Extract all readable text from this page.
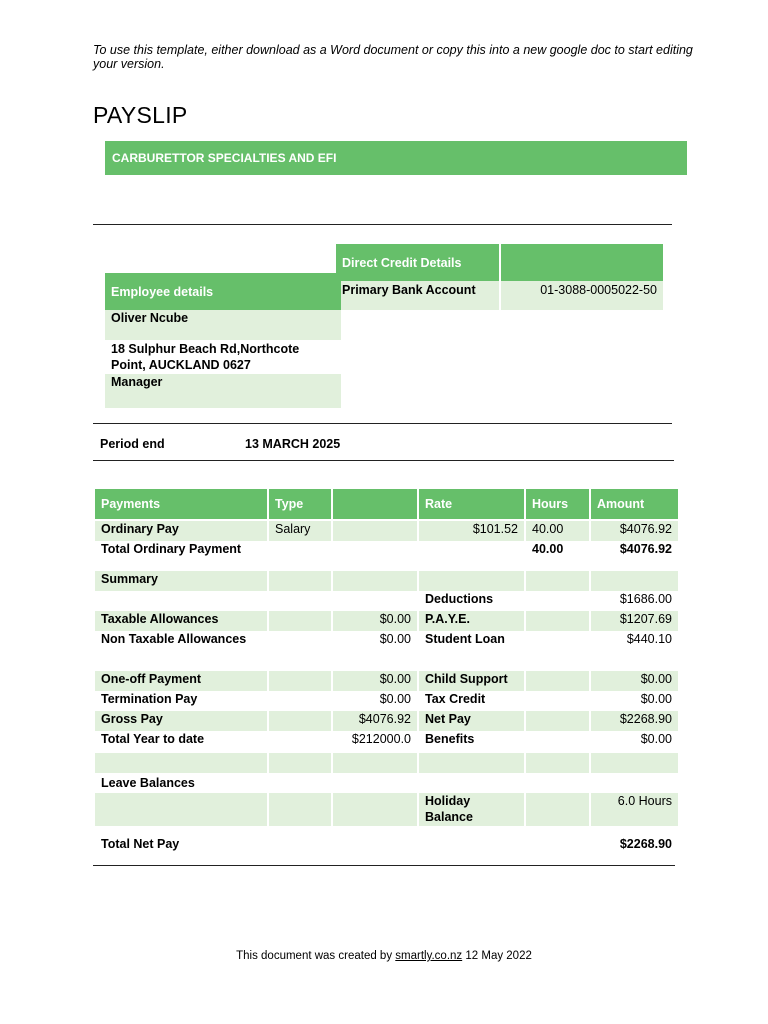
To use this template, either download as a Word document or copy this into a new google doc to start editing your version.
PAYSLIP
CARBURETTOR SPECIALTIES AND EFI
Direct Credit Details
Primary Bank Account	01-3088-0005022-50
Employee details
Oliver Ncube
18 Sulphur Beach Rd,Northcote Point, AUCKLAND 0627
Manager
Period end	13 MARCH 2025
Payments	Type		Rate	Hours	Amount

Ordinary Pay	Salary		$101.52	40.00	$4076.92
Total Ordinary Payment				40.00	$4076.92

Summary					
			Deductions		$1686.00
Taxable Allowances		$0.00	P.A.Y.E.		$1207.69
Non Taxable Allowances		$0.00	Student Loan		$440.10

One-off Payment		$0.00	Child Support		$0.00
Termination Pay		$0.00	Tax Credit		$0.00
Gross Pay		$4076.92	Net Pay		$2268.90
Total Year to date		$212000.0	Benefits		$0.00

Leave Balances					
			Holiday Balance		6.0 Hours

Total Net Pay					$2268.90
This document was created by smartly.co.nz 12 May 2022
